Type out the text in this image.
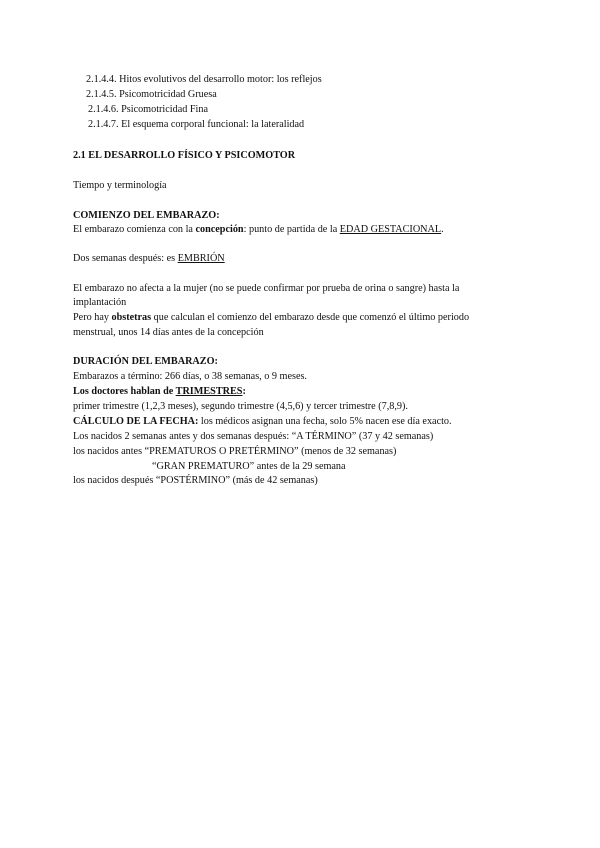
2.1.4.4. Hitos evolutivos del desarrollo motor: los reflejos
2.1.4.5. Psicomotricidad Gruesa
2.1.4.6. Psicomotricidad Fina
2.1.4.7. El esquema corporal funcional: la lateralidad
2.1 EL DESARROLLO FÍSICO Y PSICOMOTOR
Tiempo y terminología
COMIENZO DEL EMBARAZO:
El embarazo comienza con la concepción: punto de partida de la EDAD GESTACIONAL.
Dos semanas después: es EMBRIÓN
El embarazo no afecta a la mujer (no se puede confirmar por prueba de orina o sangre) hasta la
implantación
Pero hay obstetras que calculan el comienzo del embarazo desde que comenzó el último periodo
menstrual, unos 14 días antes de la concepción
DURACIÓN DEL EMBARAZO:
Embarazos a término: 266 días, o 38 semanas, o 9 meses.
Los doctores hablan de TRIMESTRES:
primer trimestre (1,2,3 meses), segundo trimestre (4,5,6) y tercer trimestre (7,8,9).
CÁLCULO DE LA FECHA: los médicos asignan una fecha, solo 5% nacen ese día exacto.
Los nacidos 2 semanas antes y dos semanas después: “A TÉRMINO” (37 y 42 semanas)
los nacidos antes “PREMATUROS O PRETÉRMINO” (menos de 32 semanas)
“GRAN PREMATURO” antes de la 29 semana
los nacidos después “POSTÉRMINO” (más de 42 semanas)
